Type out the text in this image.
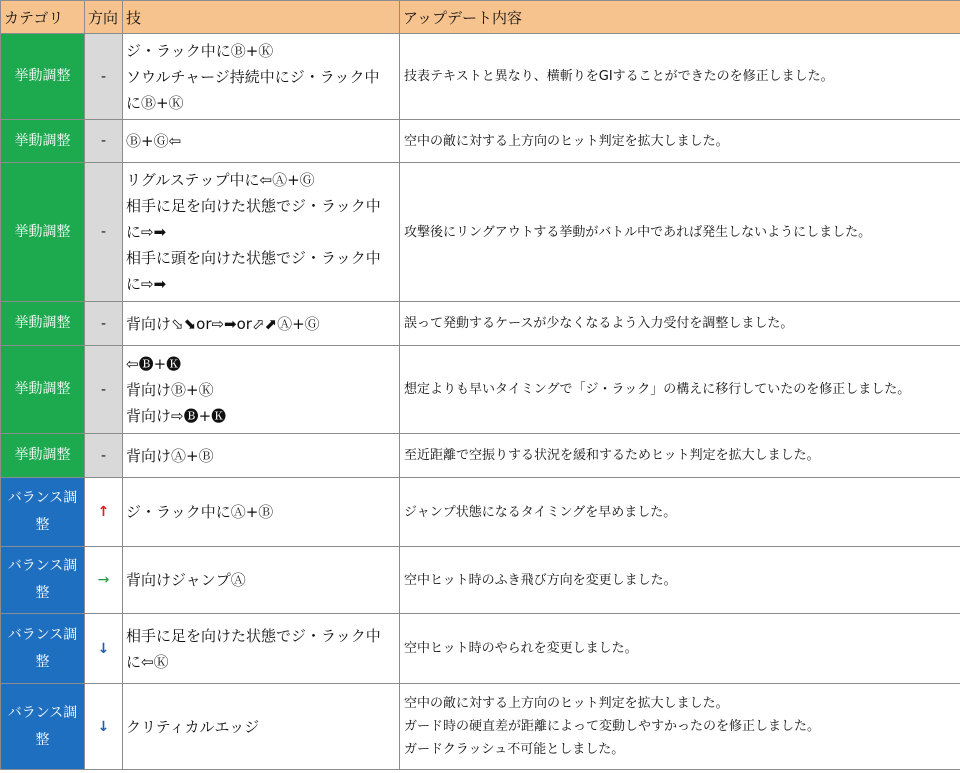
カテゴリ	方向	技	アップデート内容
挙動調整	-	ジ・ラック中にⒷ+Ⓚ
ソウルチャージ持続中にジ・ラック中
にⒷ+Ⓚ	技表テキストと異なり、横斬りをGIすることができたのを修正しました。

挙動調整	-	Ⓑ+Ⓖ⇦	空中の敵に対する上方向のヒット判定を拡大しました。

挙動調整	-	リグルステップ中に⇦Ⓐ+Ⓖ
相手に足を向けた状態でジ・ラック中
に⇨➡
相手に頭を向けた状態でジ・ラック中
に⇨➡	攻撃後にリングアウトする挙動がバトル中であれば発生しないようにしました。

挙動調整	-	背向け⬂⬊or⇨➡or⬀⬈Ⓐ+Ⓖ	誤って発動するケースが少なくなるよう入力受付を調整しました。

挙動調整	-	⇦🅑+🅚
背向けⒷ+Ⓚ
背向け⇨🅑+🅚	想定よりも早いタイミングで「ジ・ラック」の構えに移行していたのを修正しました。

挙動調整	-	背向けⒶ+Ⓑ	至近距離で空振りする状況を緩和するためヒット判定を拡大しました。

バランス調整	↑	ジ・ラック中にⒶ+Ⓑ	ジャンプ状態になるタイミングを早めました。

バランス調整	→	背向けジャンプⒶ	空中ヒット時のふき飛び方向を変更しました。

バランス調整	↓	相手に足を向けた状態でジ・ラック中
に⇦Ⓚ	空中ヒット時のやられを変更しました。

バランス調整	↓	クリティカルエッジ	空中の敵に対する上方向のヒット判定を拡大しました。
ガード時の硬直差が距離によって変動しやすかったのを修正しました。
ガードクラッシュ不可能としました。
